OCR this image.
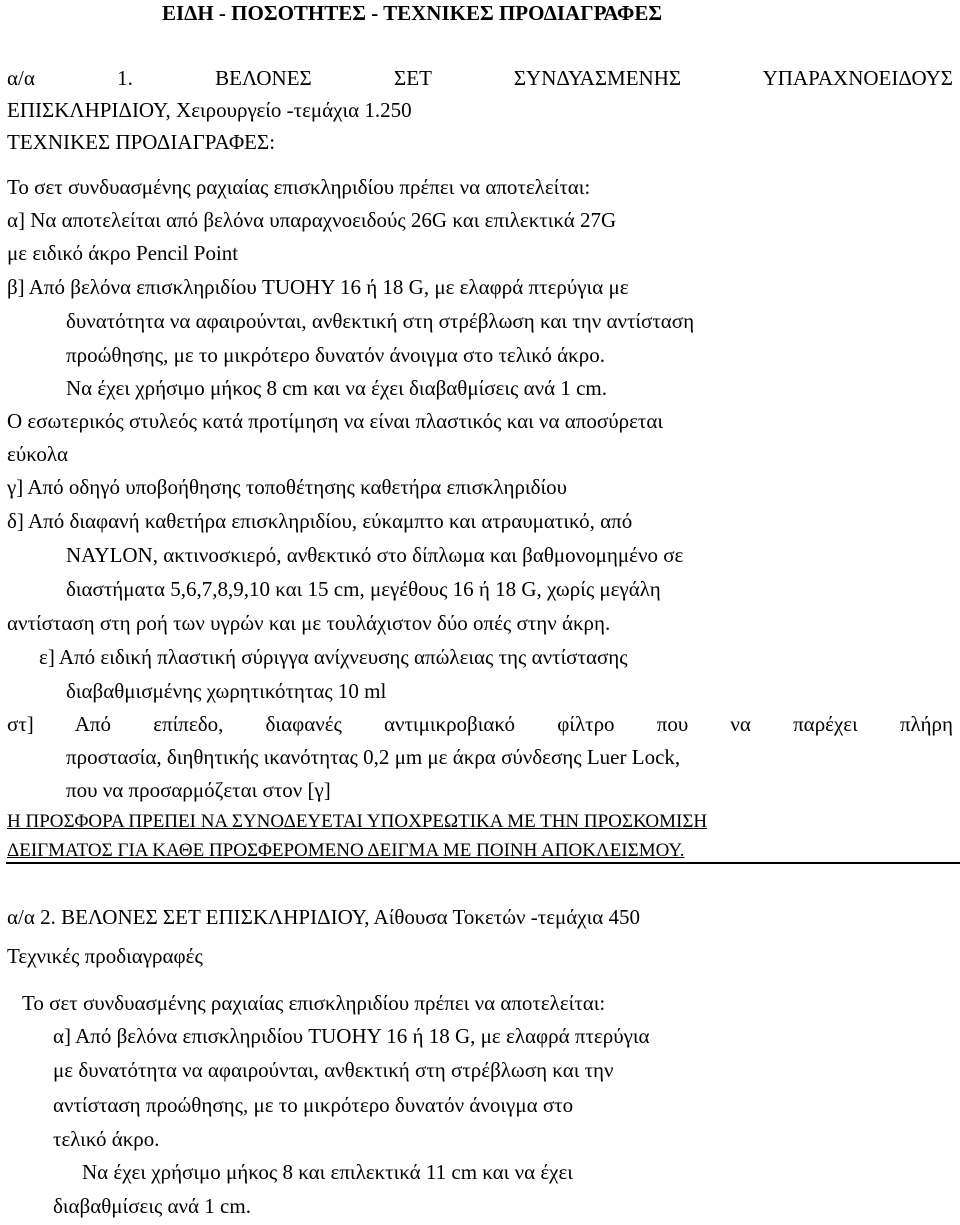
ΕΙΔΗ - ΠΟΣΟΤΗΤΕΣ - ΤΕΧΝΙΚΕΣ ΠΡΟΔΙΑΓΡΑΦΕΣ
α/α 1. ΒΕΛΟΝΕΣ ΣΕΤ ΣΥΝΔΥΑΣΜΕΝΗΣ ΥΠΑΡΑΧΝΟΕΙΔΟΥΣ
ΕΠΙΣΚΛΗΡΙΔΙΟΥ, Χειρουργείο -τεμάχια 1.250
ΤΕΧΝΙΚΕΣ ΠΡΟΔΙΑΓΡΑΦΕΣ:
Το σετ συνδυασμένης ραχιαίας επισκληριδίου πρέπει να αποτελείται:
α] Να αποτελείται από βελόνα υπαραχνοειδούς 26G και επιλεκτικά 27G
με ειδικό άκρο Pencil Point
β] Από βελόνα επισκληριδίου TUOHY 16 ή 18 G, με ελαφρά πτερύγια με
δυνατότητα να αφαιρούνται, ανθεκτική στη στρέβλωση και την αντίσταση
προώθησης, με το μικρότερο δυνατόν άνοιγμα στο τελικό άκρο.
Να έχει χρήσιμο μήκος 8 cm και να έχει διαβαθμίσεις ανά 1 cm.
Ο εσωτερικός στυλεός κατά προτίμηση να είναι πλαστικός και να αποσύρεται
εύκολα
γ] Από οδηγό υποβοήθησης τοποθέτησης καθετήρα επισκληριδίου
δ] Από διαφανή καθετήρα επισκληριδίου, εύκαμπτο και ατραυματικό, από
NAYLON, ακτινοσκιερό, ανθεκτικό στο δίπλωμα και βαθμονομημένο σε
διαστήματα 5,6,7,8,9,10 και 15 cm, μεγέθους 16 ή 18 G, χωρίς μεγάλη
αντίσταση στη ροή των υγρών και με τουλάχιστον δύο οπές στην άκρη.
ε] Από ειδική πλαστική σύριγγα ανίχνευσης απώλειας της αντίστασης
διαβαθμισμένης χωρητικότητας 10 ml
στ] Από επίπεδο, διαφανές αντιμικροβιακό φίλτρο που να παρέχει πλήρη
προστασία, διηθητικής ικανότητας 0,2 μm με άκρα σύνδεσης Luer Lock,
που να προσαρμόζεται στον [γ]
Η ΠΡΟΣΦΟΡΑ ΠΡΕΠΕΙ ΝΑ ΣΥΝΟΔΕΥΕΤΑΙ ΥΠΟΧΡΕΩΤΙΚΑ ΜΕ ΤΗΝ ΠΡΟΣΚΟΜΙΣΗ
ΔΕΙΓΜΑΤΟΣ ΓΙΑ ΚΑΘΕ ΠΡΟΣΦΕΡΟΜΕΝΟ ΔΕΙΓΜΑ ΜΕ ΠΟΙΝΗ ΑΠΟΚΛΕΙΣΜΟΥ.
α/α 2. ΒΕΛΟΝΕΣ ΣΕΤ ΕΠΙΣΚΛΗΡΙΔΙΟΥ, Αίθουσα Τοκετών -τεμάχια 450
Τεχνικές προδιαγραφές
Το σετ συνδυασμένης ραχιαίας επισκληριδίου πρέπει να αποτελείται:
α] Από βελόνα επισκληριδίου TUOHY 16 ή 18 G, με ελαφρά πτερύγια
με δυνατότητα να αφαιρούνται, ανθεκτική στη στρέβλωση και την
αντίσταση προώθησης, με το μικρότερο δυνατόν άνοιγμα στο
τελικό άκρο.
Να έχει χρήσιμο μήκος 8 και επιλεκτικά 11 cm και να έχει
διαβαθμίσεις ανά 1 cm.
